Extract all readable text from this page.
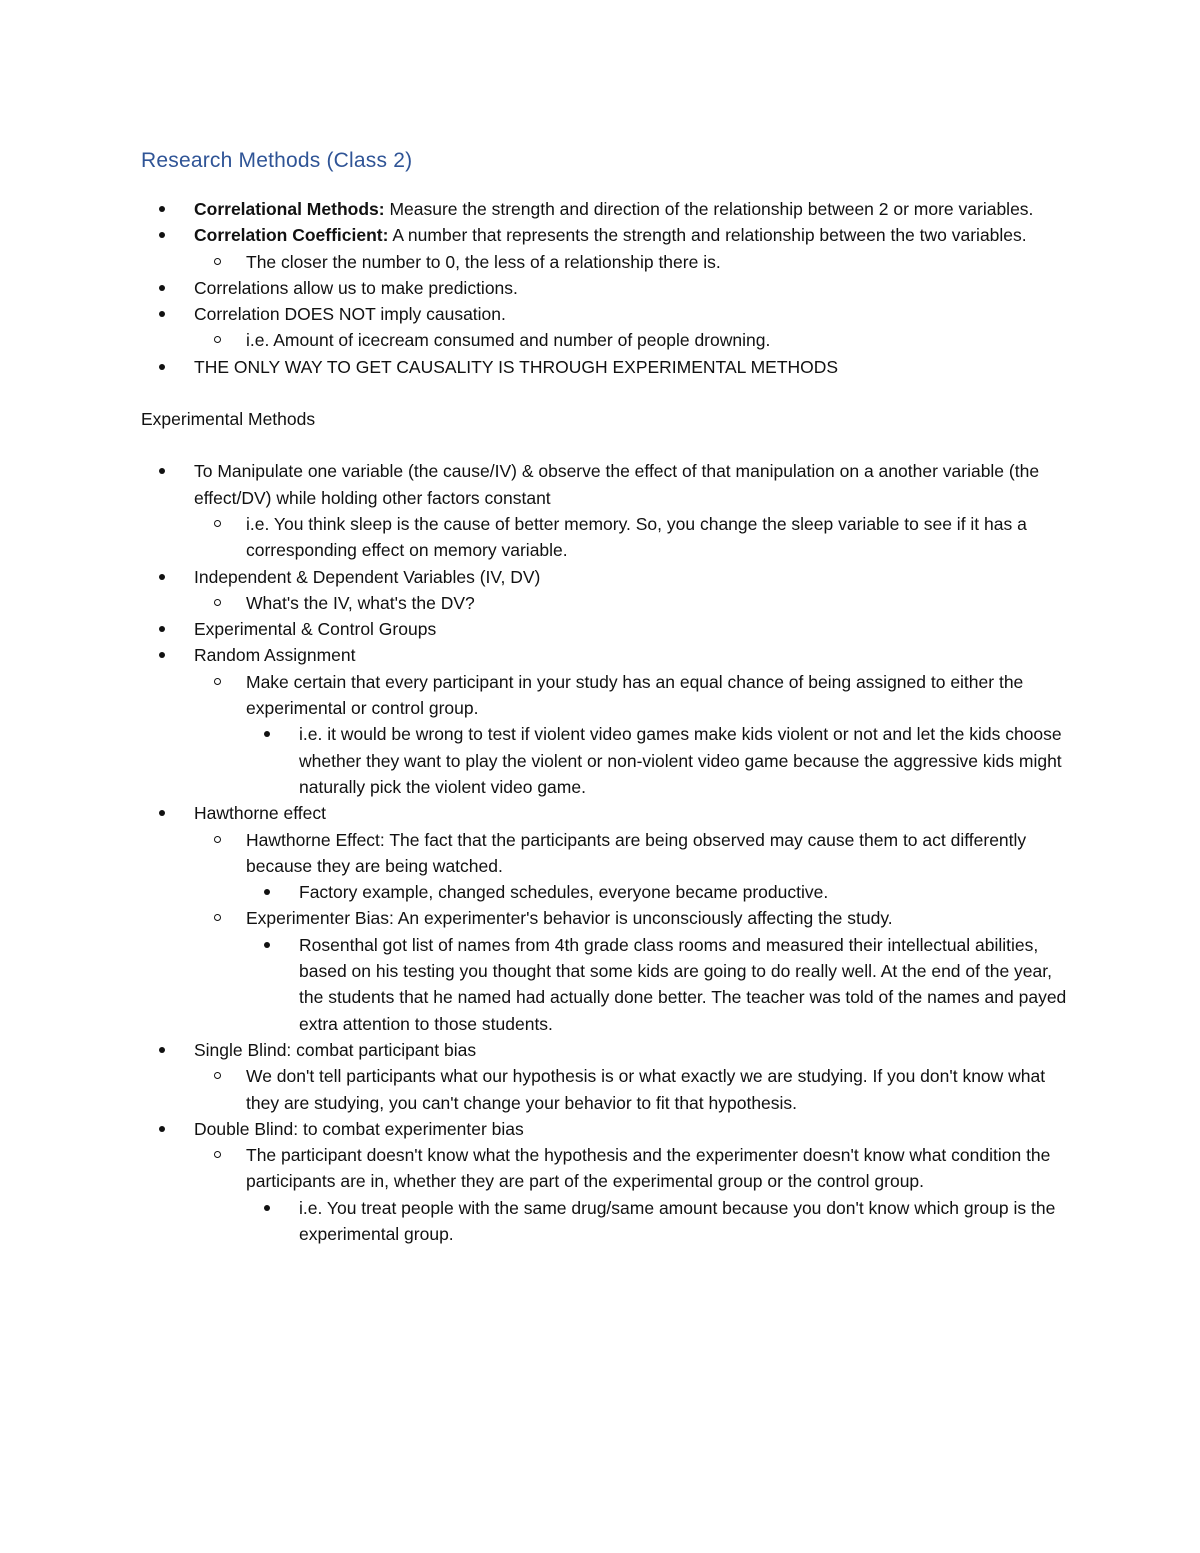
Research Methods (Class 2)
Correlational Methods: Measure the strength and direction of the relationship between 2 or more variables.
Correlation Coefficient: A number that represents the strength and relationship between the two variables.
The closer the number to 0, the less of a relationship there is.
Correlations allow us to make predictions.
Correlation DOES NOT imply causation.
i.e. Amount of icecream consumed and number of people drowning.
THE ONLY WAY TO GET CAUSALITY IS THROUGH EXPERIMENTAL METHODS
Experimental Methods
To Manipulate one variable (the cause/IV) & observe the effect of that manipulation on a another variable (the effect/DV) while holding other factors constant
i.e. You think sleep is the cause of better memory. So, you change the sleep variable to see if it has a corresponding effect on memory variable.
Independent & Dependent Variables (IV, DV)
What's the IV, what's the DV?
Experimental & Control Groups
Random Assignment
Make certain that every participant in your study has an equal chance of being assigned to either the experimental or control group.
i.e. it would be wrong to test if violent video games make kids violent or not and let the kids choose whether they want to play the violent or non-violent video game because the aggressive kids might naturally pick the violent video game.
Hawthorne effect
Hawthorne Effect: The fact that the participants are being observed may cause them to act differently because they are being watched.
Factory example, changed schedules, everyone became productive.
Experimenter Bias: An experimenter's behavior is unconsciously affecting the study.
Rosenthal got list of names from 4th grade class rooms and measured their intellectual abilities, based on his testing you thought that some kids are going to do really well. At the end of the year, the students that he named had actually done better. The teacher was told of the names and payed extra attention to those students.
Single Blind: combat participant bias
We don't tell participants what our hypothesis is or what exactly we are studying. If you don't know what they are studying, you can't change your behavior to fit that hypothesis.
Double Blind: to combat experimenter bias
The participant doesn't know what the hypothesis and the experimenter doesn't know what condition the participants are in, whether they are part of the experimental group or the control group.
i.e. You treat people with the same drug/same amount because you don't know which group is the experimental group.
